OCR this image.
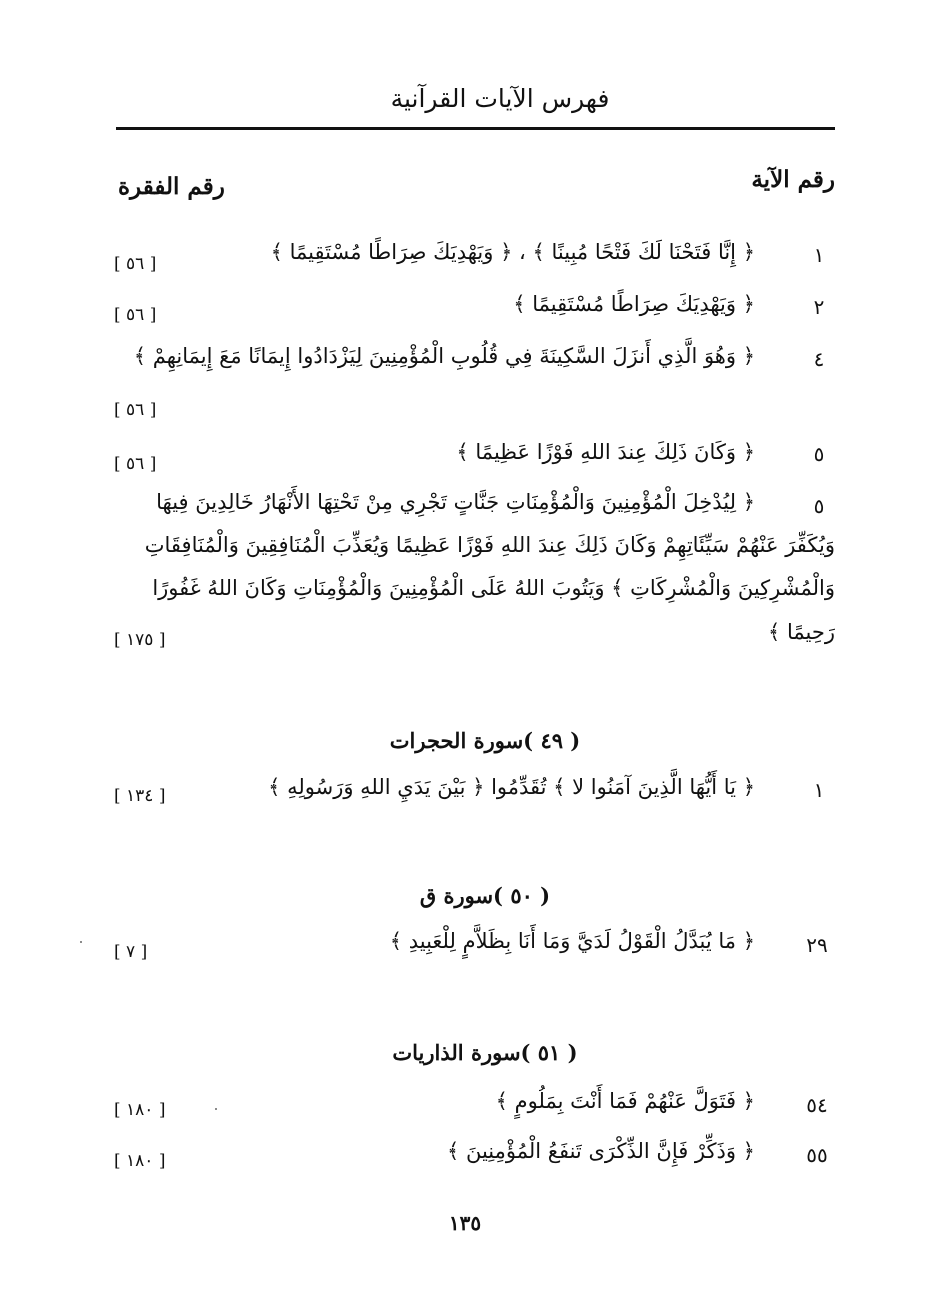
فهرس الآيات القرآنية
رقم الآية
رقم الفقرة
١
﴿ إِنَّا فَتَحْنَا لَكَ فَتْحًا مُبِينًا ﴾ ، ﴿ وَيَهْدِيَكَ صِرَاطًا مُسْتَقِيمًا ﴾
[ ٥٦ ]
٢
﴿ وَيَهْدِيَكَ صِرَاطًا مُسْتَقِيمًا ﴾
[ ٥٦ ]
٤
﴿ وَهُوَ الَّذِي أَنزَلَ السَّكِينَةَ فِي قُلُوبِ الْمُؤْمِنِينَ لِيَزْدَادُوا إِيمَانًا مَعَ إِيمَانِهِمْ ﴾
[ ٥٦ ]
٥
﴿ وَكَانَ ذَلِكَ عِندَ اللهِ فَوْزًا عَظِيمًا ﴾
[ ٥٦ ]
٥
﴿ لِيُدْخِلَ الْمُؤْمِنِينَ وَالْمُؤْمِنَاتِ جَنَّاتٍ تَجْرِي مِنْ تَحْتِهَا الأَنْهَارُ خَالِدِينَ فِيهَا
وَيُكَفِّرَ عَنْهُمْ سَيِّئَاتِهِمْ وَكَانَ ذَلِكَ عِندَ اللهِ فَوْزًا عَظِيمًا وَيُعَذِّبَ الْمُنَافِقِينَ وَالْمُنَافِقَاتِ
وَالْمُشْرِكِينَ وَالْمُشْرِكَاتِ ﴾ وَيَتُوبَ اللهُ عَلَى الْمُؤْمِنِينَ وَالْمُؤْمِنَاتِ وَكَانَ اللهُ غَفُورًا
رَحِيمًا ﴾
[ ١٧٥ ]
( ٤٩ )سورة الحجرات
١
﴿ يَا أَيُّهَا الَّذِينَ آمَنُوا لا ﴾ تُقَدِّمُوا ﴿ بَيْنَ يَدَيِ اللهِ وَرَسُولِهِ ﴾
[ ١٣٤ ]
( ٥٠ )سورة ق
٢٩
﴿ مَا يُبَدَّلُ الْقَوْلُ لَدَيَّ وَمَا أَنَا بِظَلاَّمٍ لِلْعَبِيدِ ﴾
[ ٧ ]
( ٥١ )سورة الذاريات
٥٤
﴿ فَتَوَلَّ عَنْهُمْ فَمَا أَنْتَ بِمَلُومٍ ﴾
[ ١٨٠ ]
٥٥
﴿ وَذَكِّرْ فَإِنَّ الذِّكْرَى تَنفَعُ الْمُؤْمِنِينَ ﴾
[ ١٨٠ ]
١٣٥
